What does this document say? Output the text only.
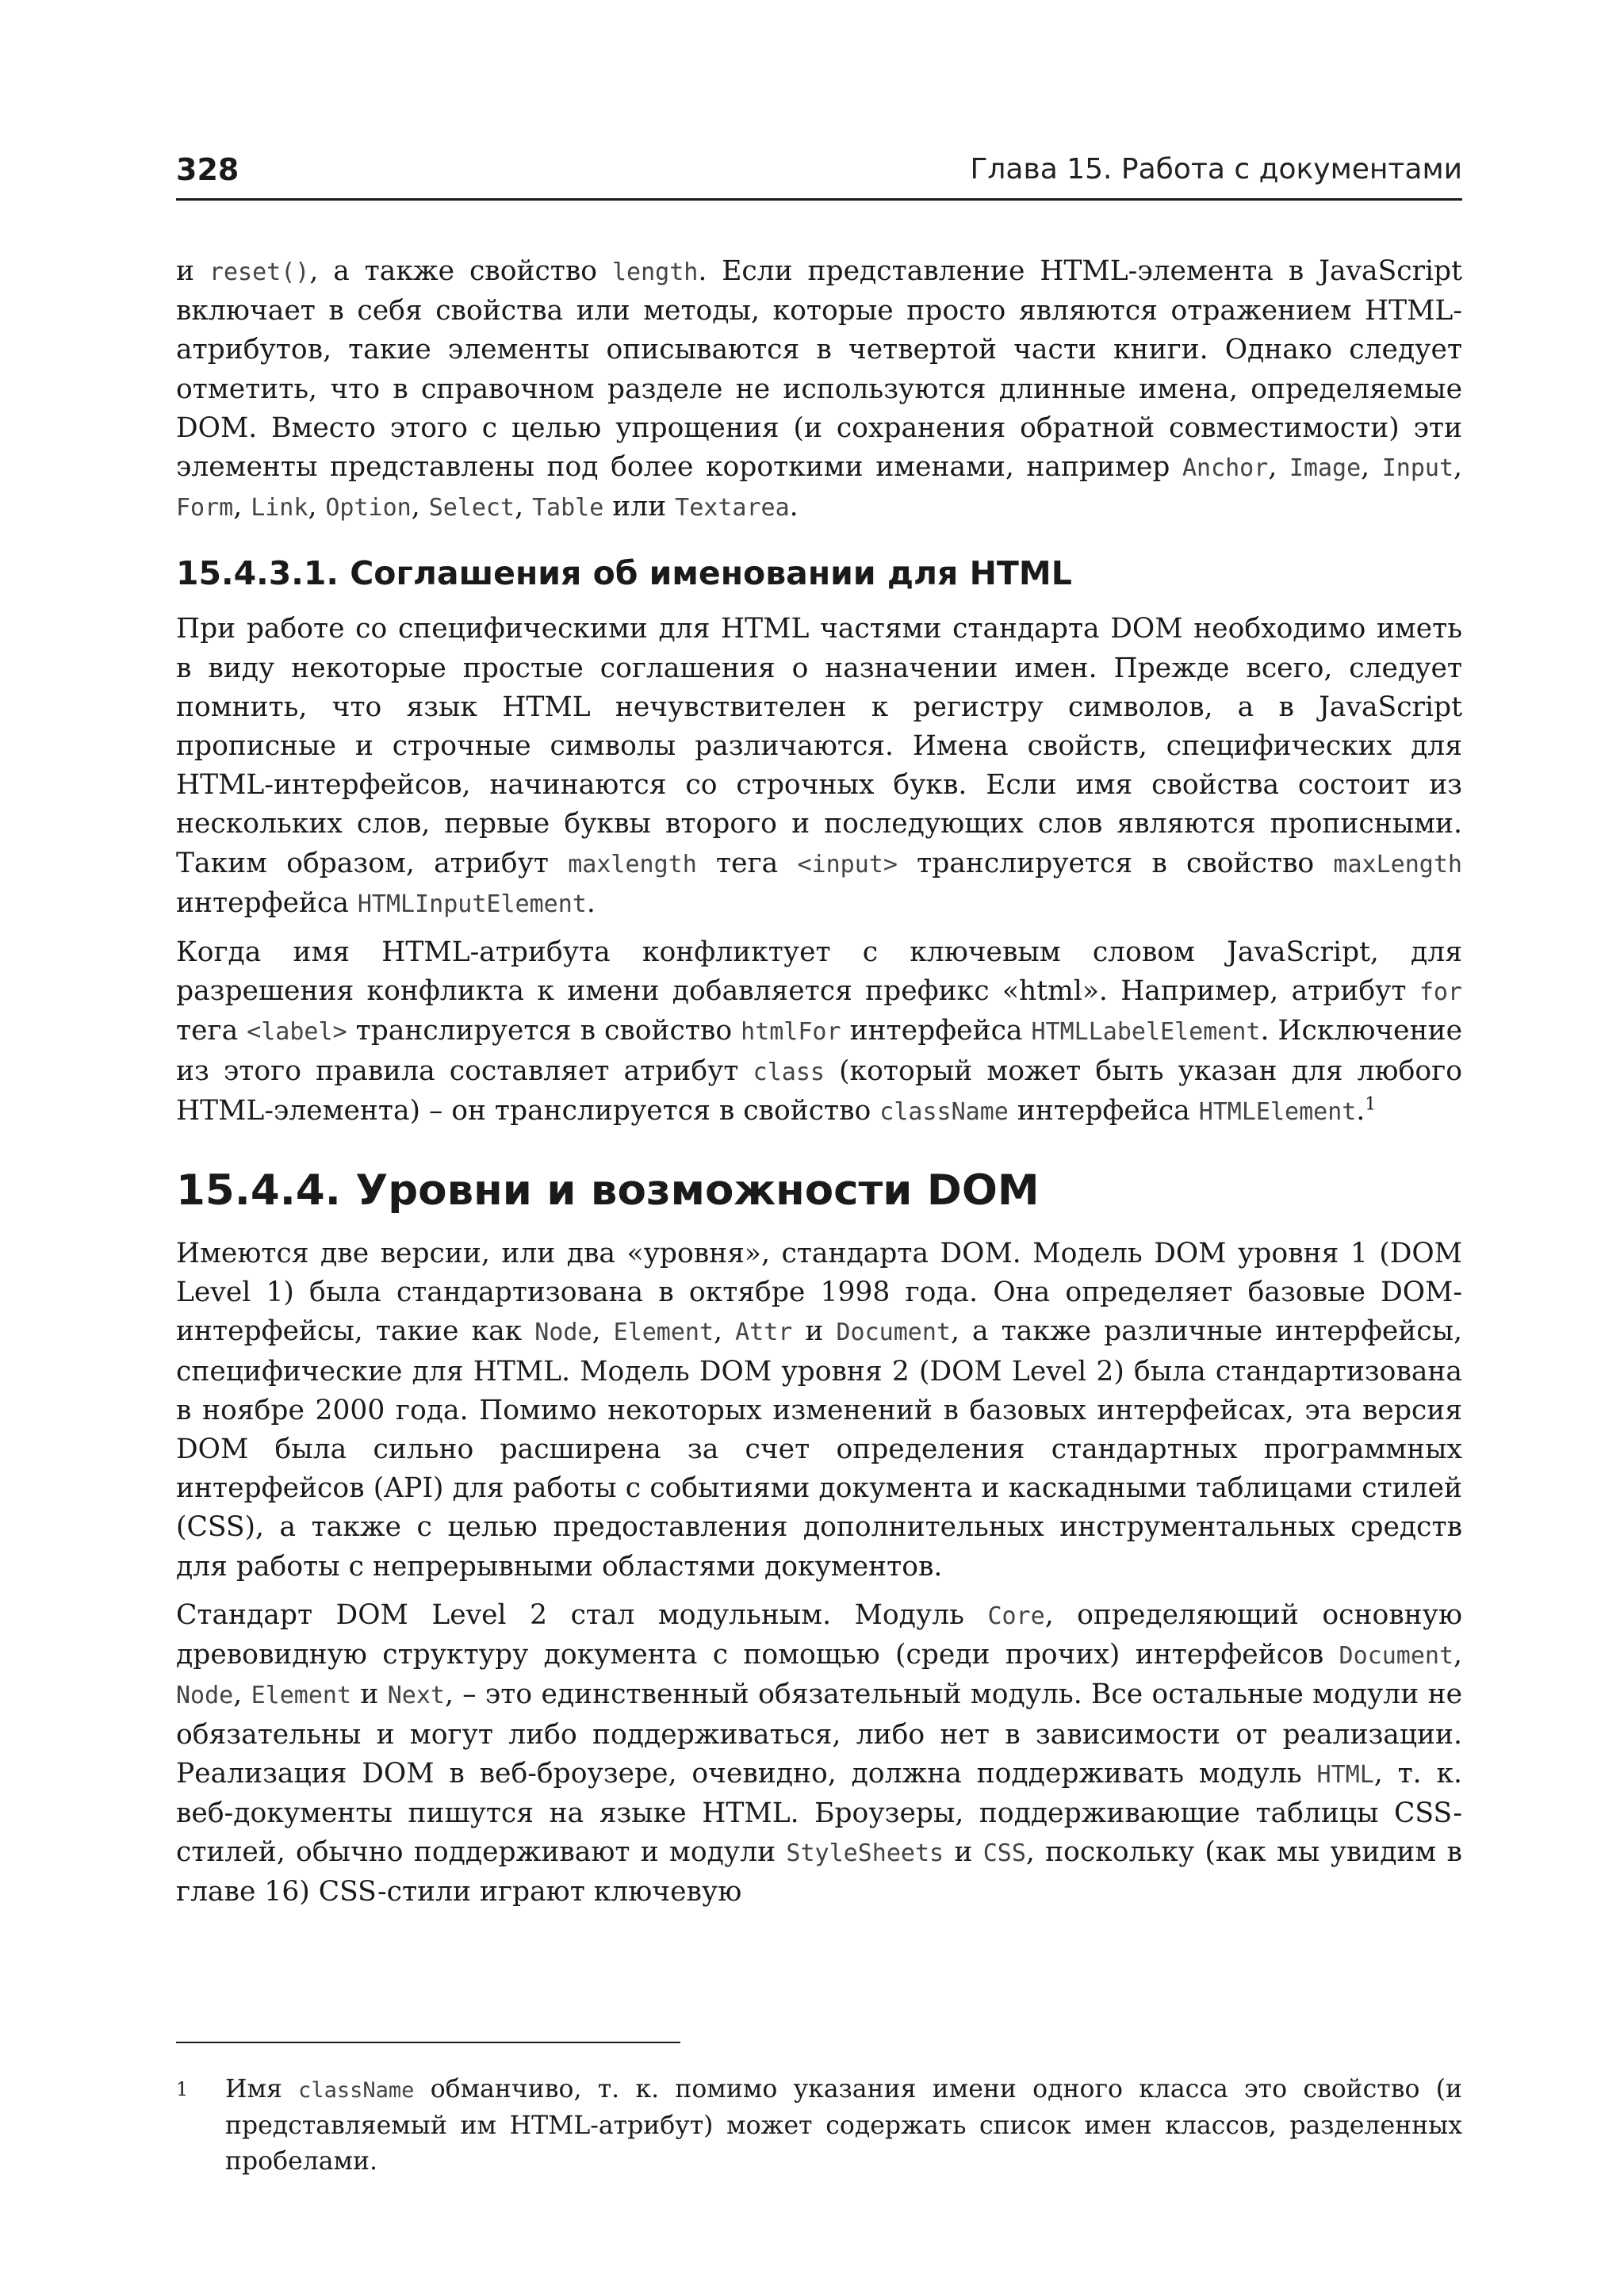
328	Глава 15. Работа с документами

и reset(), а также свойство length. Если представление HTML-элемента в JavaScript включает в себя свойства или методы, которые просто являются отражением HTML-атрибутов, такие элементы описываются в четвертой части книги. Однако следует отметить, что в справочном разделе не используются длинные имена, определяемые DOM. Вместо этого с целью упрощения (и сохранения обратной совместимости) эти элементы представлены под более короткими именами, например Anchor, Image, Input, Form, Link, Option, Select, Table или Textarea.

15.4.3.1. Соглашения об именовании для HTML

При работе со специфическими для HTML частями стандарта DOM необходимо иметь в виду некоторые простые соглашения о назначении имен. Прежде всего, следует помнить, что язык HTML нечувствителен к регистру символов, а в JavaScript прописные и строчные символы различаются. Имена свойств, специфических для HTML-интерфейсов, начинаются со строчных букв. Если имя свойства состоит из нескольких слов, первые буквы второго и последующих слов являются прописными. Таким образом, атрибут maxlength тега <input> транслируется в свойство maxLength интерфейса HTMLInputElement.

Когда имя HTML-атрибута конфликтует с ключевым словом JavaScript, для разрешения конфликта к имени добавляется префикс «html». Например, атрибут for тега <label> транслируется в свойство htmlFor интерфейса HTMLLabelElement. Исключение из этого правила составляет атрибут class (который может быть указан для любого HTML-элемента) – он транслируется в свойство className интерфейса HTMLElement.$^1$

15.4.4. Уровни и возможности DOM

Имеются две версии, или два «уровня», стандарта DOM. Модель DOM уровня 1 (DOM Level 1) была стандартизована в октябре 1998 года. Она определяет базовые DOM-интерфейсы, такие как Node, Element, Attr и Document, а также различные интерфейсы, специфические для HTML. Модель DOM уровня 2 (DOM Level 2) была стандартизована в ноябре 2000 года. Помимо некоторых изменений в базовых интерфейсах, эта версия DOM была сильно расширена за счет определения стандартных программных интерфейсов (API) для работы с событиями документа и каскадными таблицами стилей (CSS), а также с целью предоставления дополнительных инструментальных средств для работы с непрерывными областями документов.

Стандарт DOM Level 2 стал модульным. Модуль Core, определяющий основную древовидную структуру документа с помощью (среди прочих) интерфейсов Document, Node, Element и Next, – это единственный обязательный модуль. Все остальные модули не обязательны и могут либо поддерживаться, либо нет в зависимости от реализации. Реализация DOM в веб-броузере, очевидно, должна поддерживать модуль HTML, т. к. веб-документы пишутся на языке HTML. Броузеры, поддерживающие таблицы CSS-стилей, обычно поддерживают и модули StyleSheets и CSS, поскольку (как мы увидим в главе 16) CSS-стили играют ключевую

1 Имя className обманчиво, т. к. помимо указания имени одного класса это свойство (и представляемый им HTML-атрибут) может содержать список имен классов, разделенных пробелами.
